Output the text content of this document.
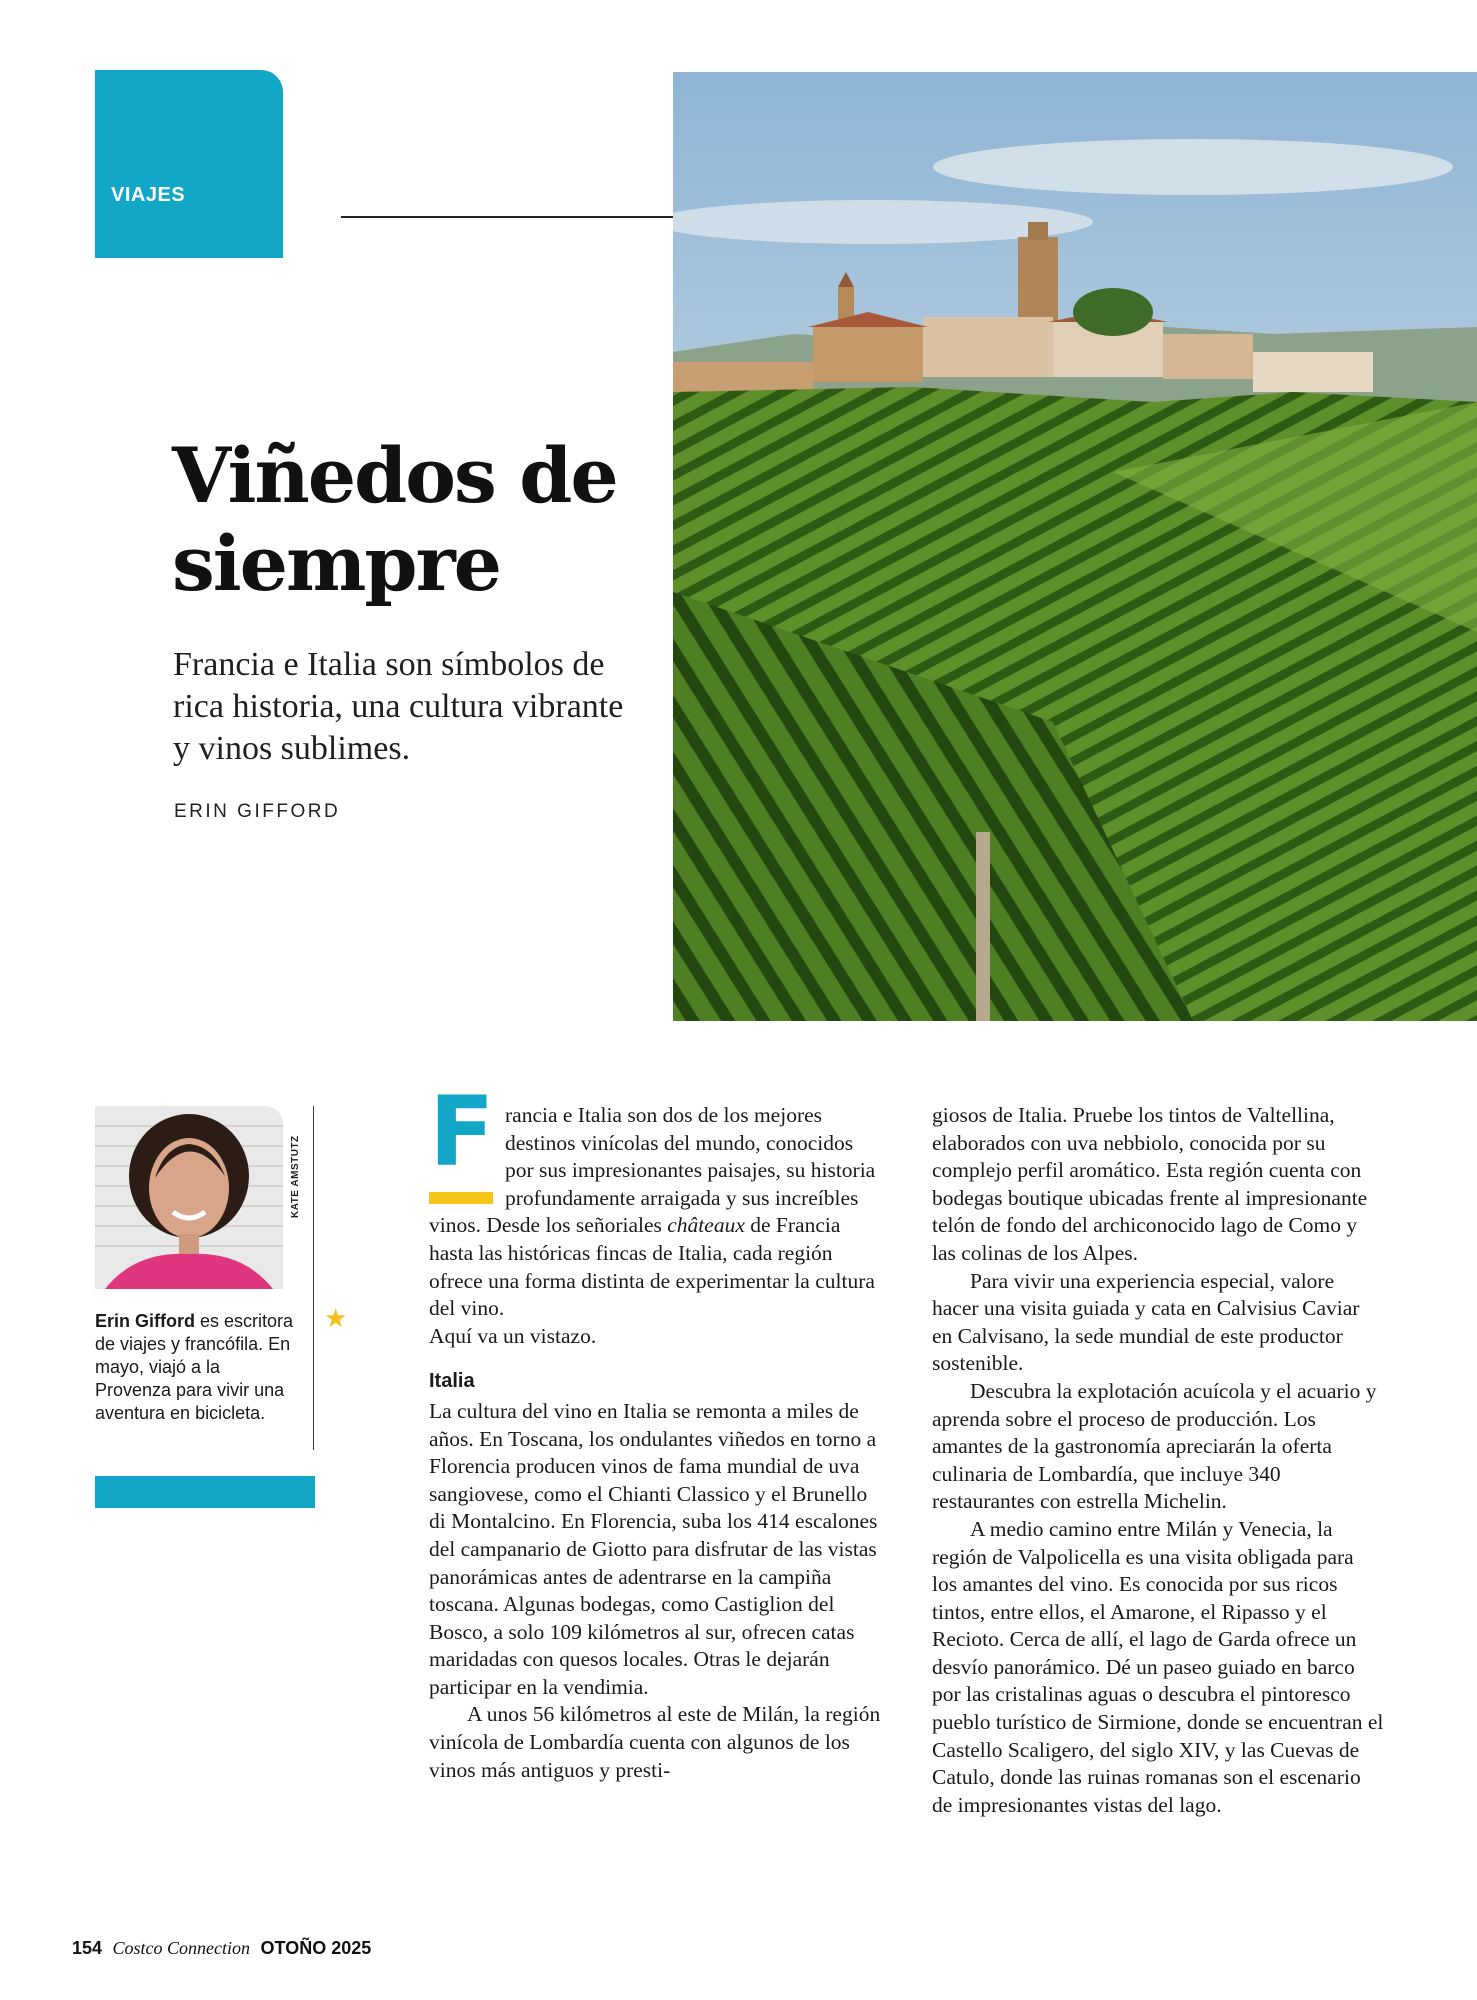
VIAJES
Viñedos de siempre

Francia e Italia son símbolos de rica historia, una cultura vibrante y vinos sublimes.

ERIN GIFFORD
KATE AMSTUTZ
★

Erin Gifford es escritora de viajes y francófila. En mayo, viajó a la Provenza para vivir una aventura en bicicleta.

F rancia e Italia son dos de los mejores destinos vinícolas del mundo, conocidos por sus impresionantes paisajes, su historia profundamente arraigada y sus increíbles vinos. Desde los señoriales châteaux de Francia hasta las históricas fincas de Italia, cada región ofrece una forma distinta de experimentar la cultura del vino.

Aquí va un vistazo.

Italia

La cultura del vino en Italia se remonta a miles de años. En Toscana, los ondulantes viñedos en torno a Florencia producen vinos de fama mundial de uva sangiovese, como el Chianti Classico y el Brunello di Montalcino. En Florencia, suba los 414 escalones del campanario de Giotto para disfrutar de las vistas panorámicas antes de adentrarse en la campiña toscana. Algunas bodegas, como Castiglion del Bosco, a solo 109 kilómetros al sur, ofrecen catas maridadas con quesos locales. Otras le dejarán participar en la vendimia.

A unos 56 kilómetros al este de Milán, la región vinícola de Lombardía cuenta con algunos de los vinos más antiguos y presti-

giosos de Italia. Pruebe los tintos de Valtellina, elaborados con uva nebbiolo, conocida por su complejo perfil aromático. Esta región cuenta con bodegas boutique ubicadas frente al impresionante telón de fondo del archiconocido lago de Como y las colinas de los Alpes.

Para vivir una experiencia especial, valore hacer una visita guiada y cata en Calvisius Caviar en Calvisano, la sede mundial de este productor sostenible.

Descubra la explotación acuícola y el acuario y aprenda sobre el proceso de producción. Los amantes de la gastronomía apreciarán la oferta culinaria de Lombardía, que incluye 340 restaurantes con estrella Michelin.

A medio camino entre Milán y Venecia, la región de Valpolicella es una visita obligada para los amantes del vino. Es conocida por sus ricos tintos, entre ellos, el Amarone, el Ripasso y el Recioto. Cerca de allí, el lago de Garda ofrece un desvío panorámico. Dé un paseo guiado en barco por las cristalinas aguas o descubra el pintoresco pueblo turístico de Sirmione, donde se encuentran el Castello Scaligero, del siglo XIV, y las Cuevas de Catulo, donde las ruinas romanas son el escenario de impresionantes vistas del lago.

154 Costco Connection OTOÑO 2025
